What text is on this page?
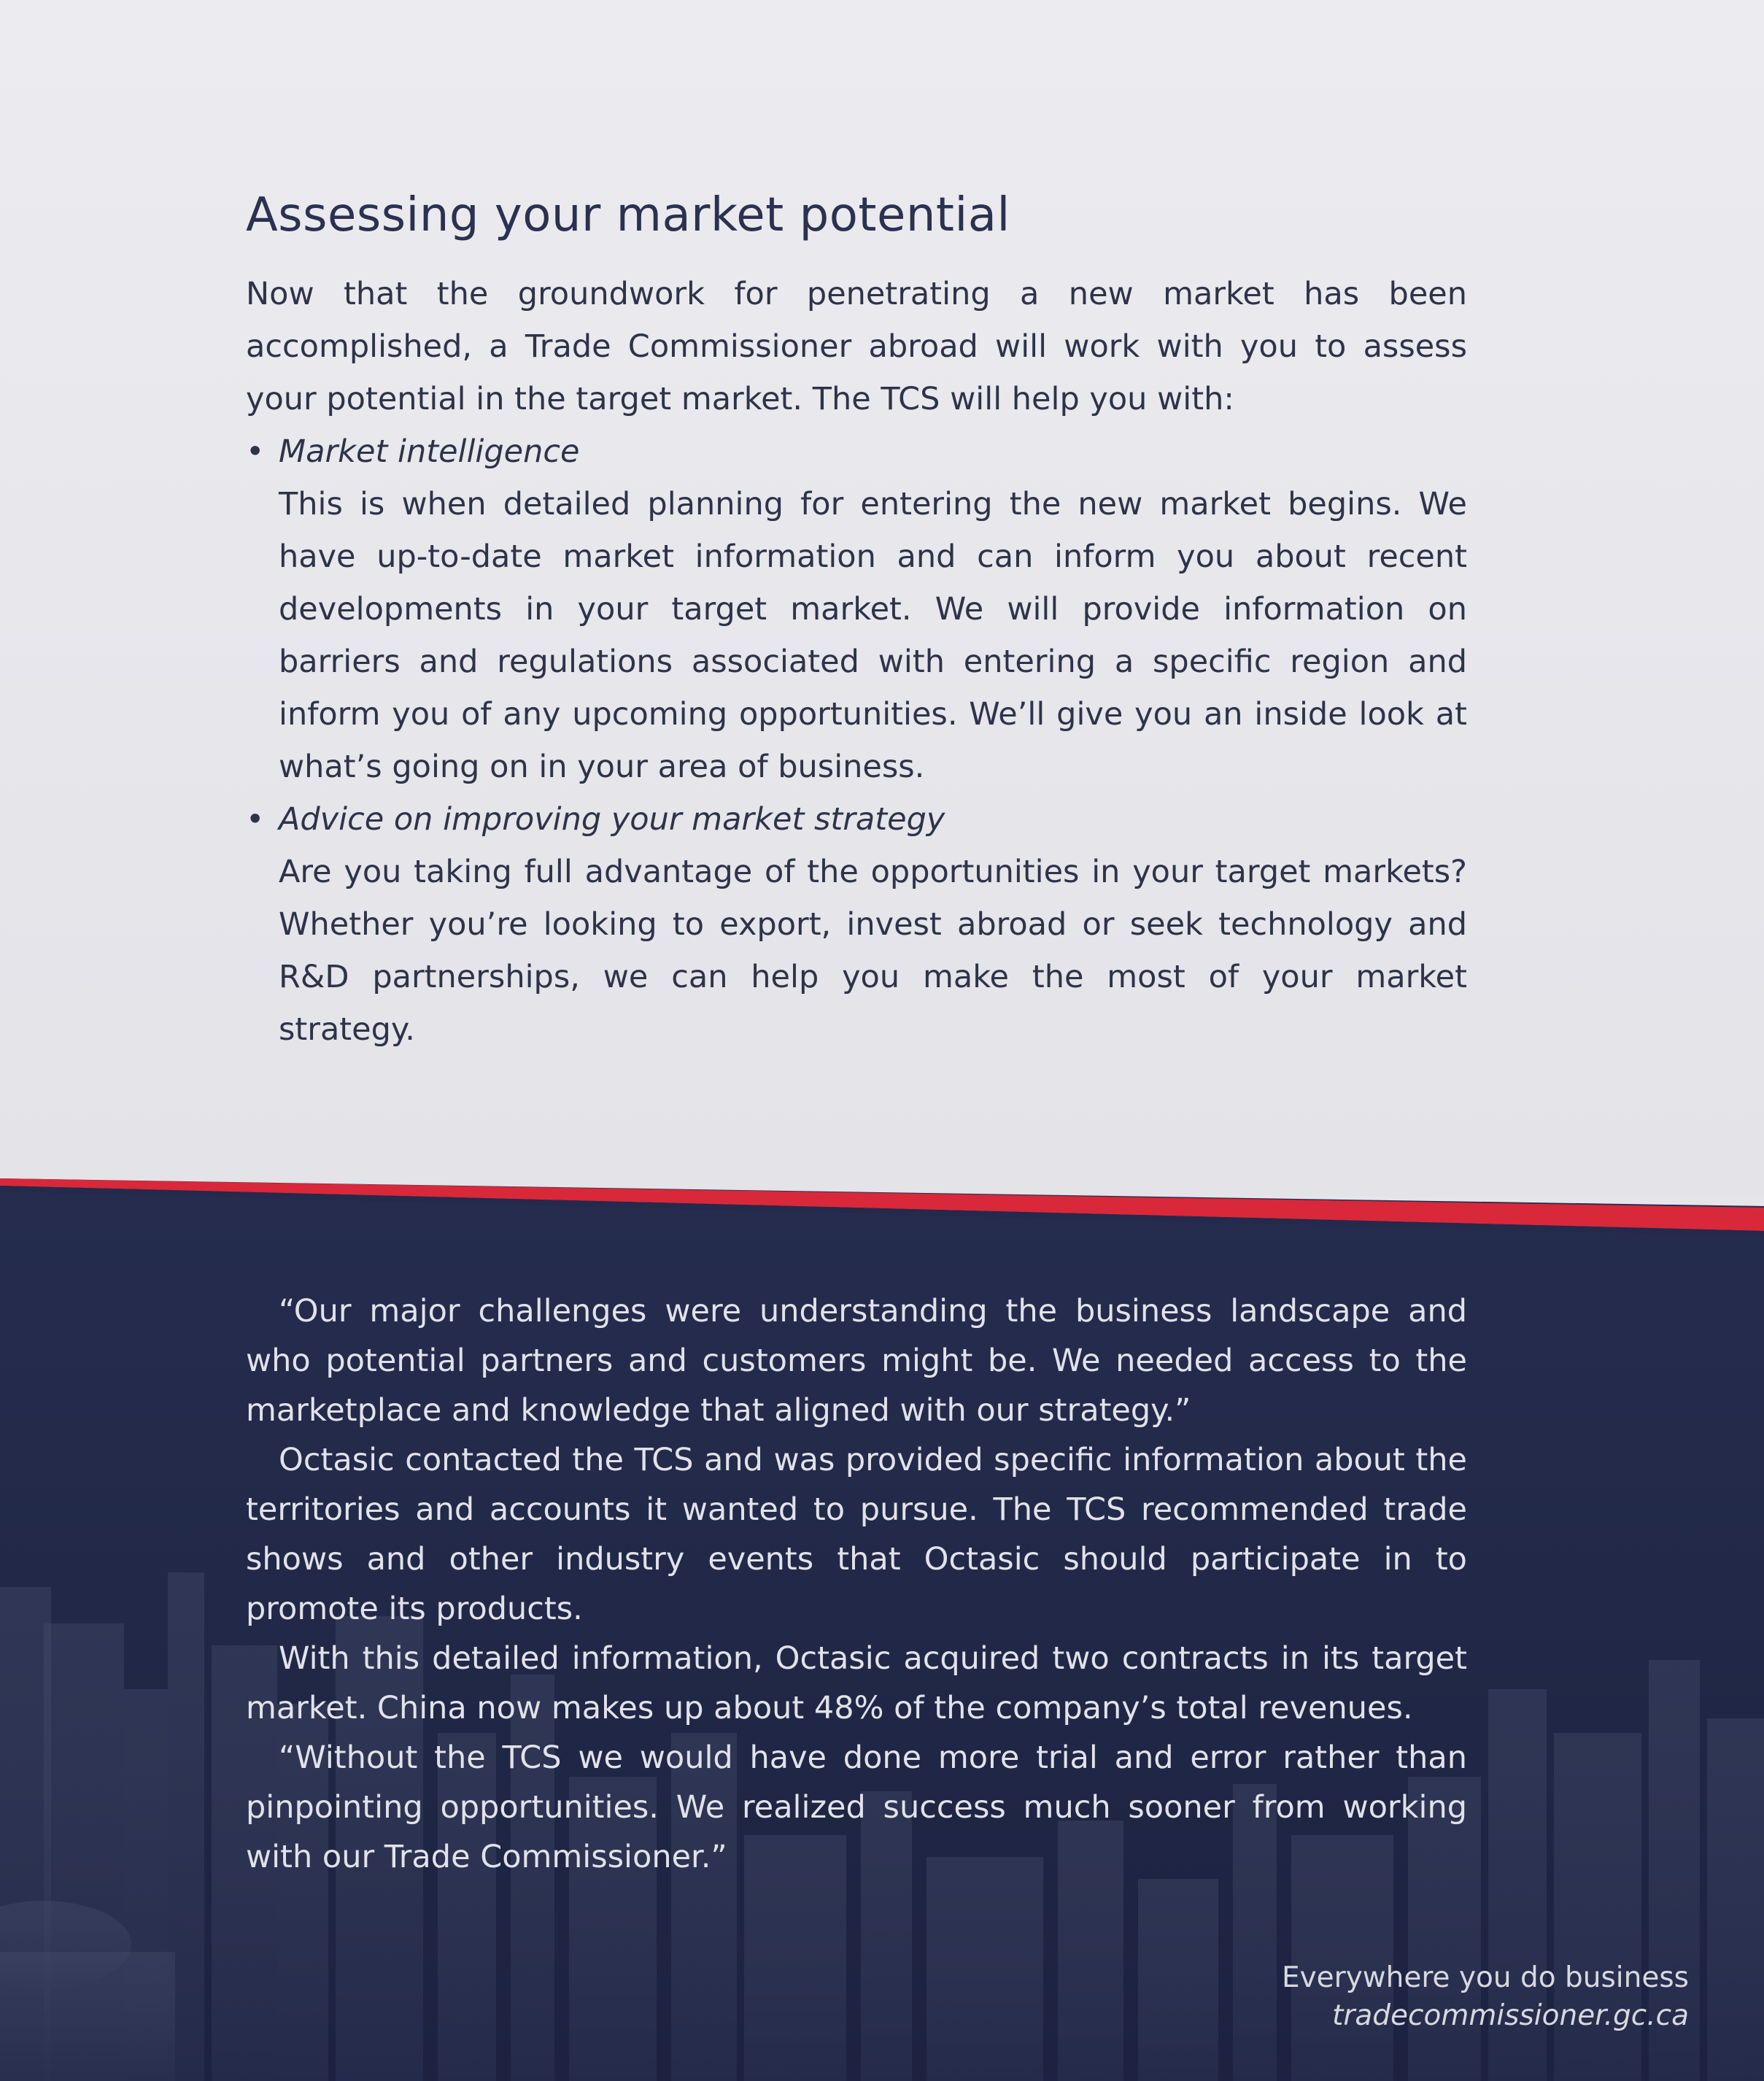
Assessing your market potential

Now that the groundwork for penetrating a new market has been accomplished, a Trade Commissioner abroad will work with you to assess your potential in the target market. The TCS will help you with:

• Market intelligence

This is when detailed planning for entering the new market begins. We have up-to-date market information and can inform you about recent developments in your target market. We will provide information on barriers and regulations associated with entering a specific region and inform you of any upcoming opportunities. We’ll give you an inside look at what’s going on in your area of business.

• Advice on improving your market strategy

Are you taking full advantage of the opportunities in your target markets? Whether you’re looking to export, invest abroad or seek technology and R&D partnerships, we can help you make the most of your market strategy.

“Our major challenges were understanding the business landscape and who potential partners and customers might be. We needed access to the marketplace and knowledge that aligned with our strategy.”

Octasic contacted the TCS and was provided specific information about the territories and accounts it wanted to pursue. The TCS recommended trade shows and other industry events that Octasic should participate in to promote its products.

With this detailed information, Octasic acquired two contracts in its target market. China now makes up about 48% of the company’s total revenues.

“Without the TCS we would have done more trial and error rather than pinpointing opportunities. We realized success much sooner from working with our Trade Commissioner.”

Everywhere you do business
tradecommissioner.gc.ca
